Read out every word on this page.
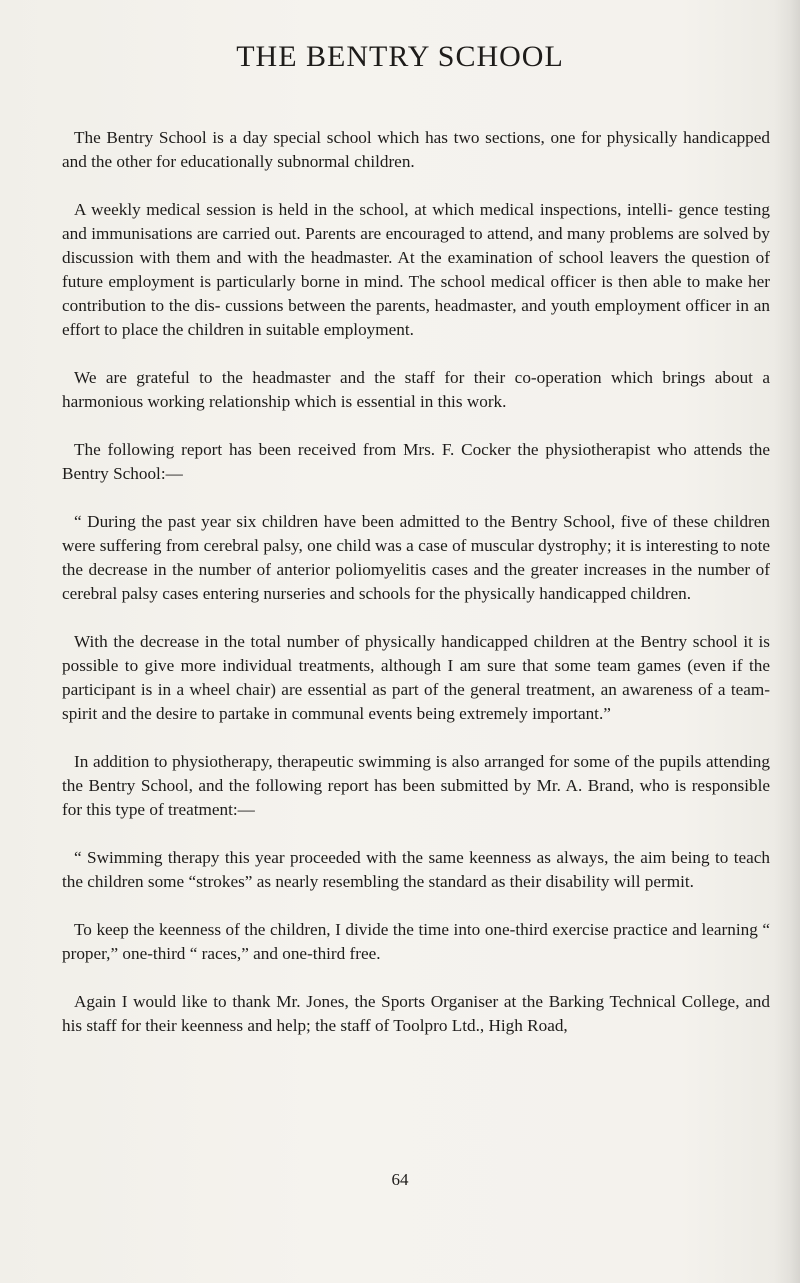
THE BENTRY SCHOOL

The Bentry School is a day special school which has two sections, one for physically handicapped and the other for educationally subnormal children.

A weekly medical session is held in the school, at which medical inspections, intelli- gence testing and immunisations are carried out. Parents are encouraged to attend, and many problems are solved by discussion with them and with the headmaster. At the examination of school leavers the question of future employment is particularly borne in mind. The school medical officer is then able to make her contribution to the dis- cussions between the parents, headmaster, and youth employment officer in an effort to place the children in suitable employment.

We are grateful to the headmaster and the staff for their co-operation which brings about a harmonious working relationship which is essential in this work.

The following report has been received from Mrs. F. Cocker the physiotherapist who attends the Bentry School:—

“ During the past year six children have been admitted to the Bentry School, five of these children were suffering from cerebral palsy, one child was a case of muscular dystrophy; it is interesting to note the decrease in the number of anterior poliomyelitis cases and the greater increases in the number of cerebral palsy cases entering nurseries and schools for the physically handicapped children.

With the decrease in the total number of physically handicapped children at the Bentry school it is possible to give more individual treatments, although I am sure that some team games (even if the participant is in a wheel chair) are essential as part of the general treatment, an awareness of a team-spirit and the desire to partake in communal events being extremely important.”

In addition to physiotherapy, therapeutic swimming is also arranged for some of the pupils attending the Bentry School, and the following report has been submitted by Mr. A. Brand, who is responsible for this type of treatment:—

“ Swimming therapy this year proceeded with the same keenness as always, the aim being to teach the children some “strokes” as nearly resembling the standard as their disability will permit.

To keep the keenness of the children, I divide the time into one-third exercise practice and learning “ proper,” one-third “ races,” and one-third free.

Again I would like to thank Mr. Jones, the Sports Organiser at the Barking Technical College, and his staff for their keenness and help; the staff of Toolpro Ltd., High Road,

64
